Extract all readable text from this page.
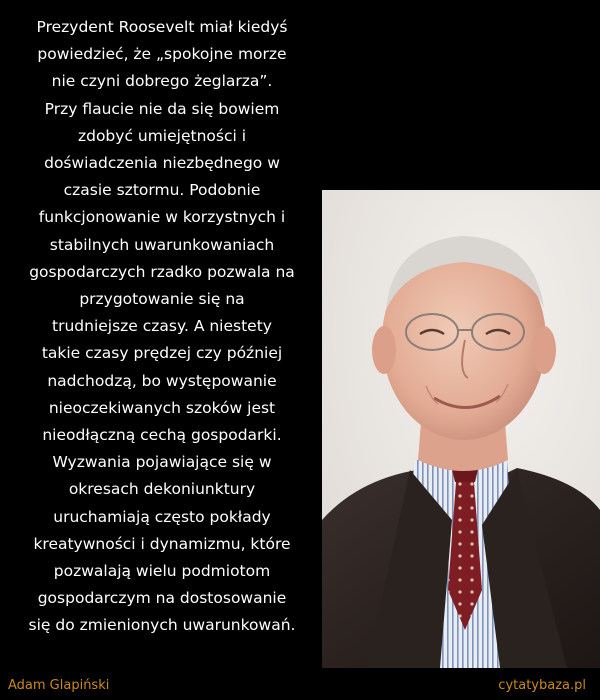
Prezydent Roosevelt miał kiedyś
powiedzieć, że „spokojne morze
nie czyni dobrego żeglarza”.
Przy flaucie nie da się bowiem
zdobyć umiejętności i
doświadczenia niezbędnego w
czasie sztormu. Podobnie
funkcjonowanie w korzystnych i
stabilnych uwarunkowaniach
gospodarczych rzadko pozwala na
przygotowanie się na
trudniejsze czasy. A niestety
takie czasy prędzej czy później
nadchodzą, bo występowanie
nieoczekiwanych szoków jest
nieodłączną cechą gospodarki.
Wyzwania pojawiające się w
okresach dekoniunktury
uruchamiają często pokłady
kreatywności i dynamizmu, które
pozwalają wielu podmiotom
gospodarczym na dostosowanie
się do zmienionych uwarunkowań.

Adam Glapiński	cytatybaza.pl
